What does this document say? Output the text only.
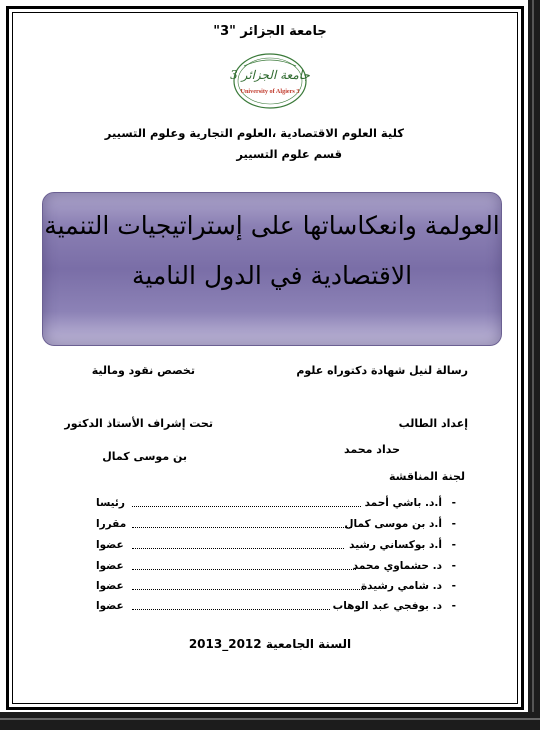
جامعة الجزائر "3"
جامعة الجزائر 3
University of Algiers 3
كلية العلوم الاقتصادية ،العلوم التجارية وعلوم التسيير
قسم علوم التسيير
العولمة وانعكاساتها على إستراتيجيات التنمية
الاقتصادية في الدول النامية
رسالة لنيل شهادة دكتوراه علوم
تخصص نقود ومالية
إعداد الطالب
تحت إشراف الأستاذ الدكتور
حداد محمد
بن موسى كمال
لجنة المناقشة
-
أ.د. باشي أحمد
رئيسا
-
أ.د بن موسى كمال
مقررا
-
أ.د بوكساني رشيد
عضوا
-
د. حشماوي محمد
عضوا
-
د. شامي رشيدة
عضوا
-
د. بوفجي عبد الوهاب
عضوا
السنة الجامعية 2012_2013
